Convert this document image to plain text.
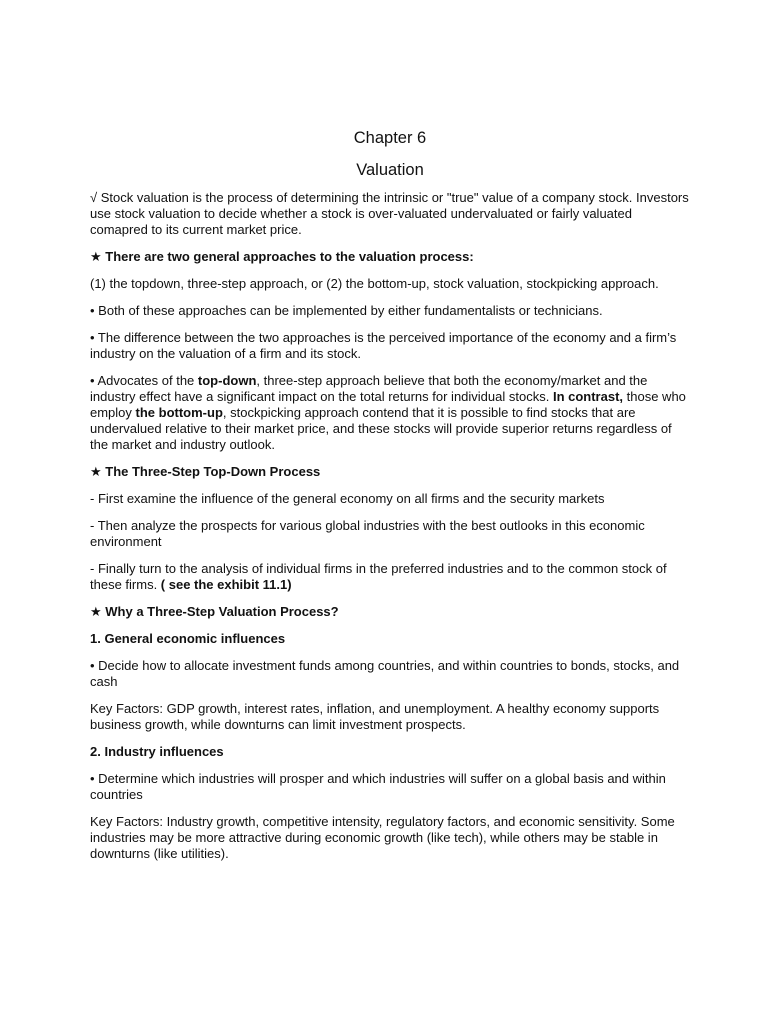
Chapter 6
Valuation

√ Stock valuation is the process of determining the intrinsic or "true" value of a company stock. Investors use stock valuation to decide whether a stock is over-valuated undervaluated or fairly valuated comapred to its current market price.

★ There are two general approaches to the valuation process:

(1) the topdown, three-step approach, or (2) the bottom-up, stock valuation, stockpicking approach.

• Both of these approaches can be implemented by either fundamentalists or technicians.

• The difference between the two approaches is the perceived importance of the economy and a firm’s industry on the valuation of a firm and its stock.

• Advocates of the top-down, three-step approach believe that both the economy/market and the industry effect have a significant impact on the total returns for individual stocks. In contrast, those who employ the bottom-up, stockpicking approach contend that it is possible to find stocks that are undervalued relative to their market price, and these stocks will provide superior returns regardless of the market and industry outlook.

★ The Three-Step Top-Down Process

- First examine the influence of the general economy on all firms and the security markets

- Then analyze the prospects for various global industries with the best outlooks in this economic environment

- Finally turn to the analysis of individual firms in the preferred industries and to the common stock of these firms. ( see the exhibit 11.1)

★ Why a Three-Step Valuation Process?

1. General economic influences

• Decide how to allocate investment funds among countries, and within countries to bonds, stocks, and cash

Key Factors: GDP growth, interest rates, inflation, and unemployment. A healthy economy supports business growth, while downturns can limit investment prospects.

2. Industry influences

• Determine which industries will prosper and which industries will suffer on a global basis and within countries

Key Factors: Industry growth, competitive intensity, regulatory factors, and economic sensitivity. Some industries may be more attractive during economic growth (like tech), while others may be stable in downturns (like utilities).
